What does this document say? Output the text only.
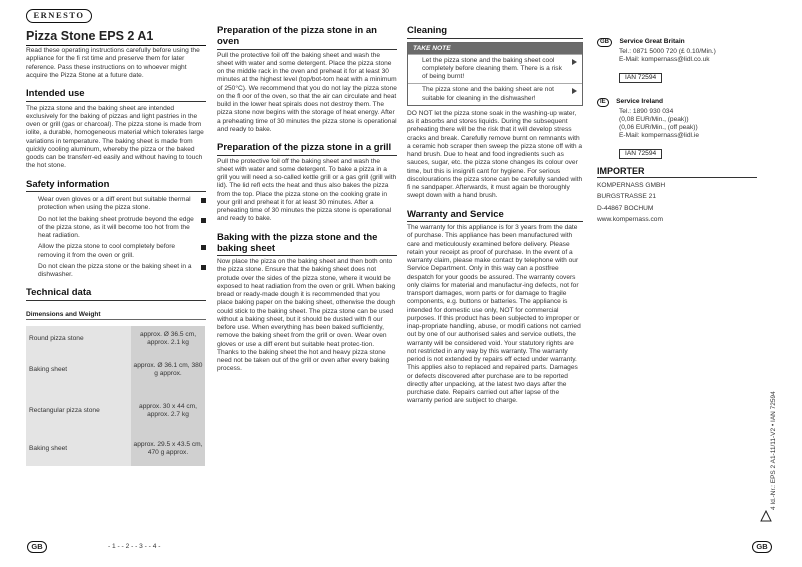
ERNESTO
Pizza Stone EPS 2 A1

Read these operating instructions carefully before using the appliance for the fi rst time and preserve them for later reference. Pass these instructions on to whoever might acquire the Pizza Stone at a future date.

Intended use

The pizza stone and the baking sheet are intended exclusively for the baking of pizzas and light pastries in the oven or grill (gas or charcoal). The pizza stone is made from iolite, a durable, homogeneous material which tolerates large variations in temperature. The baking sheet is made from quickly cooling aluminum, whereby the pizza or the baked goods can be transferr-ed easily and without having to touch the hot stone.

Safety information
Wear oven gloves or a diff erent but suitable thermal protection when using the pizza stone.
Do not let the baking sheet protrude beyond the edge of the pizza stone, as it will become too hot from the heat radiation.
Allow the pizza stone to cool completely before removing it from the oven or grill.
Do not clean the pizza stone or the baking sheet in a dishwasher.
Technical data
Dimensions and Weight
Round pizza stone	approx. Ø 36.5 cm, approx. 2.1 kg

Baking sheet	approx. Ø 36.1 cm, 380 g approx.

Rectangular pizza stone	approx. 30 x 44 cm, approx. 2.7 kg

Baking sheet	approx. 29.5 x 43.5 cm, 470 g approx.
Preparation of the pizza stone in an oven

Pull the protective foil off the baking sheet and wash the sheet with water and some detergent. Place the pizza stone on the middle rack in the oven and preheat it for at least 30 minutes at the highest level (top/bot-tom heat with a minimum of 250°C). We recommend that you do not lay the pizza stone on the fl oor of the oven, so that the air can circulate and heat build in the lower heat spirals does not destroy them. The pizza stone now begins with the storage of heat energy. After a preheating time of 30 minutes the pizza stone is operational and ready to bake.

Preparation of the pizza stone in a grill

Pull the protective foil off the baking sheet and wash the sheet with water and some detergent. To bake a pizza in a grill you will need a so-called kettle grill or a gas grill (grill with lid). The lid refl ects the heat and thus also bakes the pizza from the top. Place the pizza stone on the cooking grate in your grill and preheat it for at least 30 minutes. After a preheating time of 30 minutes the pizza stone is operational and ready to bake.

Baking with the pizza stone and the baking sheet

Now place the pizza on the baking sheet and then both onto the pizza stone. Ensure that the baking sheet does not protude over the sides of the pizza stone, where it would be exposed to heat radiation from the oven or grill. When baking bread or ready-made dough it is recommended that you place baking paper on the baking sheet, otherwise the dough could stick to the baking sheet. The pizza stone can be used without a baking sheet, but it should be dusted with fl our before use. When everything has been baked sufficiently, remove the baking sheet from the grill or oven. Wear oven gloves or use a diff erent but suitable heat protec-tion. Thanks to the baking sheet the hot and heavy pizza stone need not be taken out of the grill or oven after every baking process.

Cleaning
TAKE NOTE
Let the pizza stone and the baking sheet cool completely before cleaning them. There is a risk of being burnt!
The pizza stone and the baking sheet are not suitable for cleaning in the dishwasher!

DO NOT let the pizza stone soak in the washing-up water, as it absorbs and stores liquids. During the subsequent preheating there will be the risk that it will develop stress cracks and break. Carefully remove burnt on remnants with a ceramic hob scraper then sweep the pizza stone off with a hand brush. Due to heat and food ingredients such as sauces, sugar, etc. the pizza stone changes its colour over time, but this is insignifi cant for hygiene. For serious discolourations the pizza stone can be carefully sanded with fi ne sandpaper. Afterwards, it must again be thoroughly swept down with a hand brush.

Warranty and Service

The warranty for this appliance is for 3 years from the date of purchase. This appliance has been manufactured with care and meticulously examined before delivery. Please retain your receipt as proof of purchase. In the event of a warranty claim, please make contact by telephone with our Service Department. Only in this way can a postfree despatch for your goods be assured. The warranty covers only claims for material and manufactur-ing defects, not for transport damages, worn parts or for damage to fragile components, e.g. buttons or batteries. The appliance is intended for domestic use only, NOT for commercial purposes. If this product has been subjected to improper or inap-propriate handling, abuse, or modifi cations not carried out by one of our authorised sales and service outlets, the warranty will be considered void. Your statutory rights are not restricted in any way by this warranty. The warranty period is not extended by repairs eff ected under warranty. This applies also to replaced and repaired parts. Damages or defects discovered after purchase are to be reported directly after unpacking, at the latest two days after the purchase date. Repairs carried out after lapse of the warranty period are subject to charge.

GB Service Great Britain
Tel.: 0871 5000 720 (£ 0.10/Min.)
E-Mail: kompernass@lidl.co.uk
IAN 72594
IE Service Ireland
Tel.: 1890 930 034
(0,08 EUR/Min., (peak))
(0,06 EUR/Min., (off peak))
E-Mail: kompernass@lidl.ie
IAN 72594
IMPORTER
KOMPERNASS GMBH
BURGSTRASSE 21
D-44867 BOCHUM
www.kompernass.com
4 Id.-Nr.: EPS 2 A1-11/11-V2 • IAN 72594
GB	- 1 - - 2 - - 3 - - 4 -	GB
